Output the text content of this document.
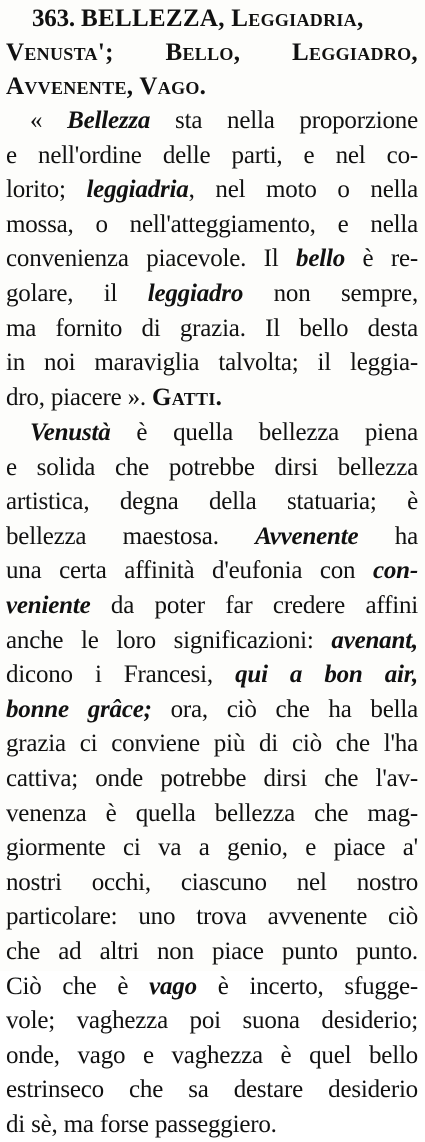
363. BELLEZZA, Leggiadria,
Venusta'; Bello, Leggiadro,
Avvenente, Vago.
« Bellezza sta nella proporzione
e nell'ordine delle parti, e nel co-
lorito; leggiadria, nel moto o nella
mossa, o nell'atteggiamento, e nella
convenienza piacevole. Il bello è re-
golare, il leggiadro non sempre,
ma fornito di grazia. Il bello desta
in noi maraviglia talvolta; il leggia-
dro, piacere ». Gatti.
Venustà è quella bellezza piena
e solida che potrebbe dirsi bellezza
artistica, degna della statuaria; è
bellezza maestosa. Avvenente ha
una certa affinità d'eufonia con con-
veniente da poter far credere affini
anche le loro significazioni: avenant,
dicono i Francesi, qui a bon air,
bonne grâce; ora, ciò che ha bella
grazia ci conviene più di ciò che l'ha
cattiva; onde potrebbe dirsi che l'av-
venenza è quella bellezza che mag-
giormente ci va a genio, e piace a'
nostri occhi, ciascuno nel nostro
particolare: uno trova avvenente ciò
che ad altri non piace punto punto.
Ciò che è vago è incerto, sfugge-
vole; vaghezza poi suona desiderio;
onde, vago e vaghezza è quel bello
estrinseco che sa destare desiderio
di sè, ma forse passeggiero.
